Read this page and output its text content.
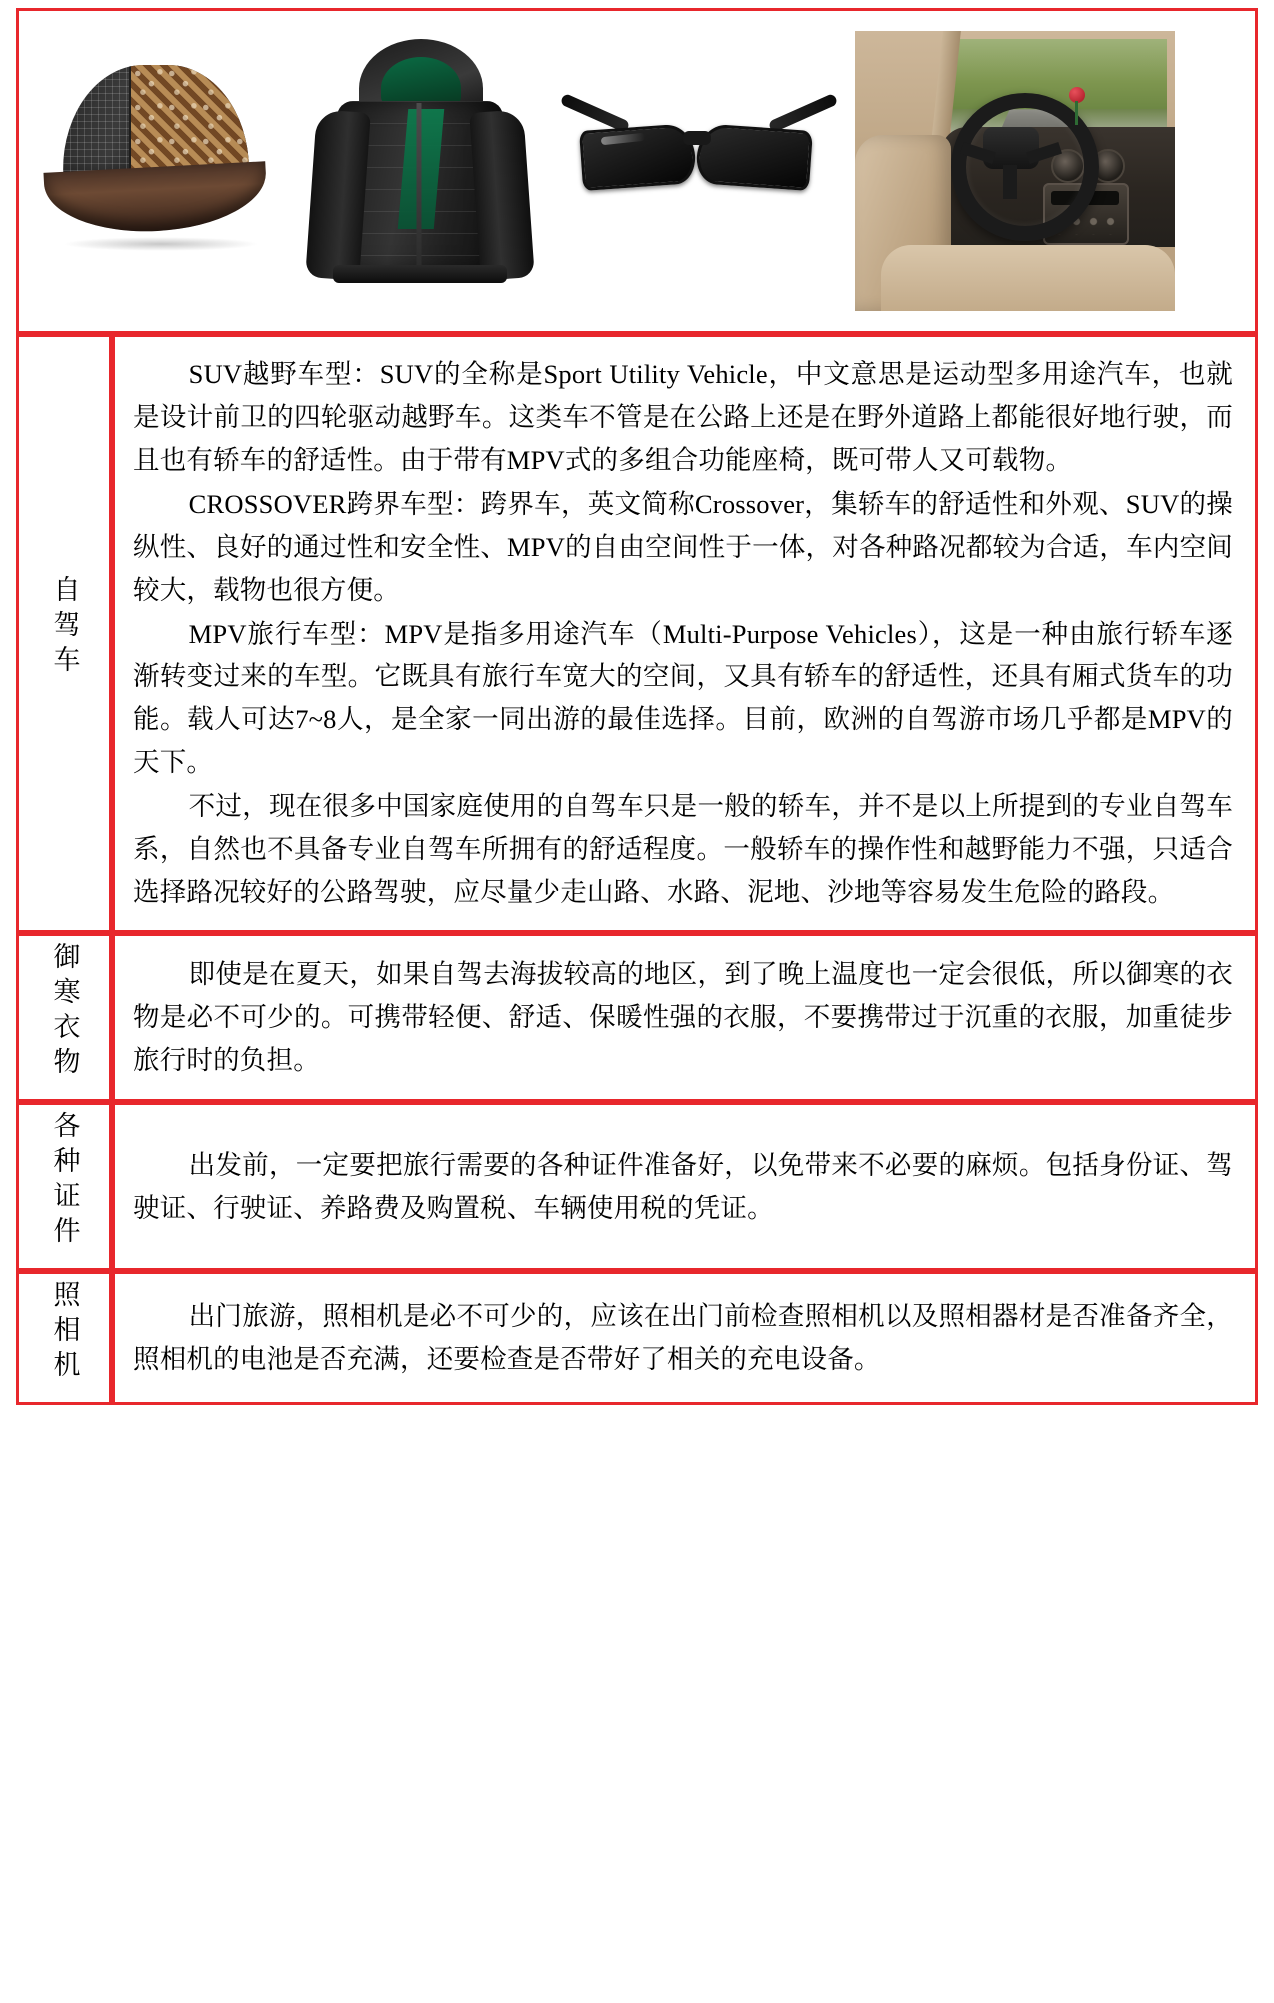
自驾车	SUV越野车型：SUV的全称是Sport Utility Vehicle，中文意思是运动型多用途汽车，也就是设计前卫的四轮驱动越野车。这类车不管是在公路上还是在野外道路上都能很好地行驶，而且也有轿车的舒适性。由于带有MPV式的多组合功能座椅，既可带人又可载物。

CROSSOVER跨界车型：跨界车，英文简称Crossover，集轿车的舒适性和外观、SUV的操纵性、良好的通过性和安全性、MPV的自由空间性于一体，对各种路况都较为合适，车内空间较大，载物也很方便。

MPV旅行车型：MPV是指多用途汽车（Multi-Purpose Vehicles），这是一种由旅行轿车逐渐转变过来的车型。它既具有旅行车宽大的空间，又具有轿车的舒适性，还具有厢式货车的功能。载人可达7~8人，是全家一同出游的最佳选择。目前，欧洲的自驾游市场几乎都是MPV的天下。

不过，现在很多中国家庭使用的自驾车只是一般的轿车，并不是以上所提到的专业自驾车系，自然也不具备专业自驾车所拥有的舒适程度。一般轿车的操作性和越野能力不强，只适合选择路况较好的公路驾驶，应尽量少走山路、水路、泥地、沙地等容易发生危险的路段。

御寒衣物	即使是在夏天，如果自驾去海拔较高的地区，到了晚上温度也一定会很低，所以御寒的衣物是必不可少的。可携带轻便、舒适、保暖性强的衣服，不要携带过于沉重的衣服，加重徒步旅行时的负担。

各种证件	出发前，一定要把旅行需要的各种证件准备好，以免带来不必要的麻烦。包括身份证、驾驶证、行驶证、养路费及购置税、车辆使用税的凭证。

照相机	出门旅游，照相机是必不可少的，应该在出门前检查照相机以及照相器材是否准备齐全，照相机的电池是否充满，还要检查是否带好了相关的充电设备。
